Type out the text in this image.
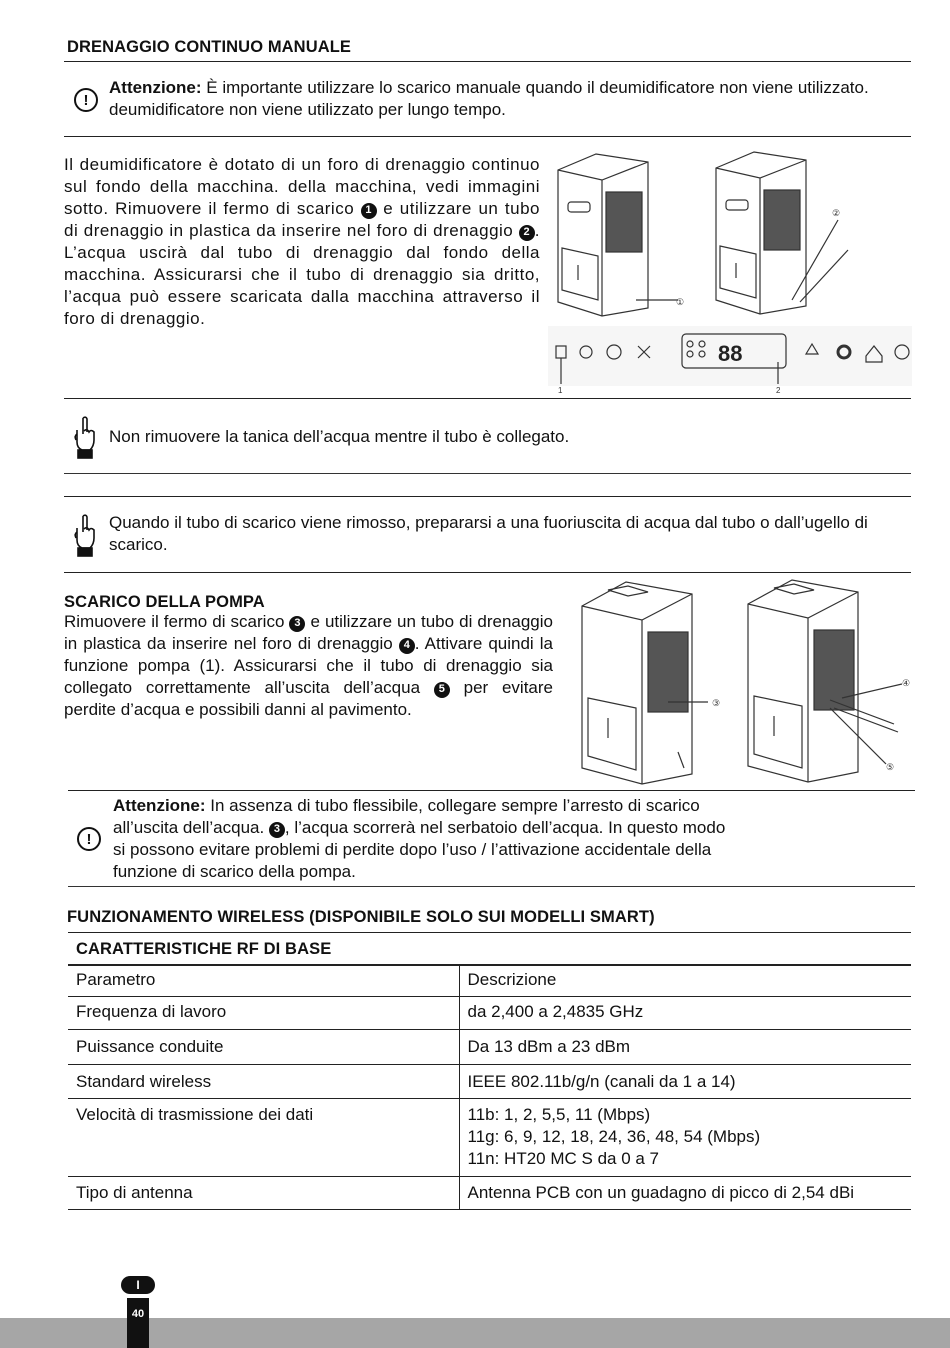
DRENAGGIO CONTINUO MANUALE
!
Attenzione: È importante utilizzare lo scarico manuale quando il deumidificatore non viene utilizzato. deumidificatore non viene utilizzato per lungo tempo.
Il deumidificatore è dotato di un foro di drenaggio continuo sul fondo della macchina. della macchina, vedi immagini sotto. Rimuovere il fermo di scarico 1 e utilizzare un tubo di drenaggio in plastica da inserire nel foro di drenaggio 2 . L’acqua uscirà dal tubo di drenaggio dal fondo della macchina. Assicurarsi che il tubo di drenaggio sia dritto, l’acqua può essere scaricata dalla macchina attraverso il foro di drenaggio.
①
②
88
1	2
Non rimuovere la tanica dell’acqua mentre il tubo è collegato.
Quando il tubo di scarico viene rimosso, prepararsi a una fuoriuscita di acqua dal tubo o dall’ugello di scarico.
SCARICO DELLA POMPA
Rimuovere il fermo di scarico 3 e utilizzare un tubo di drenaggio in plastica da inserire nel foro di drenaggio 4 . Attivare quindi la funzione pompa (1). Assicurarsi che il tubo di drenaggio sia collegato correttamente all’uscita dell’acqua 5 per evitare perdite d’acqua e possibili danni al pavimento.	③
④
⑤
!
Attenzione: In assenza di tubo flessibile, collegare sempre l’arresto di scarico all’uscita dell’acqua. 3 , l’acqua scorrerà nel serbatoio dell’acqua. In questo modo si possono evitare problemi di perdite dopo l’uso / l’attivazione accidentale della funzione di scarico della pompa.
FUNZIONAMENTO WIRELESS (DISPONIBILE SOLO SUI MODELLI SMART)
CARATTERISTICHE RF DI BASE
Parametro	Descrizione
Frequenza di lavoro	da 2,400 a 2,4835 GHz
Puissance conduite	Da 13 dBm a 23 dBm
Standard wireless	IEEE 802.11b/g/n (canali da 1 a 14)
Velocità di trasmissione dei dati	11b: 1, 2, 5,5, 11 (Mbps)
11g: 6, 9, 12, 18, 24, 36, 48, 54 (Mbps)
11n: HT20 MC S da 0 a 7

Tipo di antenna	Antenna PCB con un guadagno di picco di 2,54 dBi
I
40
